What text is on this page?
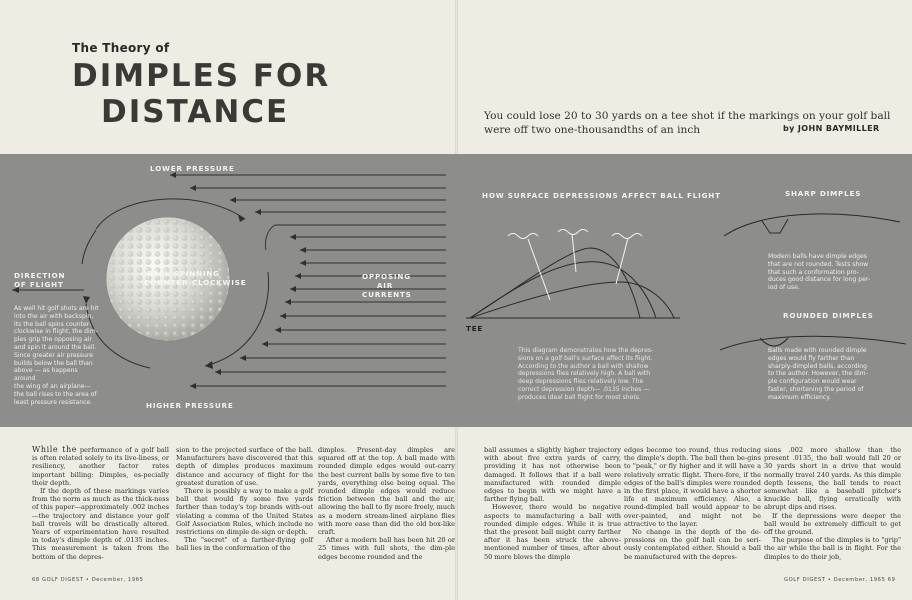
The Theory of
DIMPLES FOR
DISTANCE	You could lose 20 to 30 yards on a tee shot if the markings on your golf ball were off two one-thousandths of an inch	by JOHN BAYMILLER
LOWER PRESSURE
HIGHER PRESSURE
DIRECTION
OF FLIGHT
BALL SPINNING
COUNTER-CLOCKWISE
OPPOSING
AIR
CURRENTS
As well hit golf shots are hit
into the air with backspin,
its the ball spins counter-
clockwise in flight, the dim-
ples grip the opposing air
and spin it around the ball.
Since greater air pressure
builds below the ball than
above — as happens around
the wing of an airplane—
the ball rises to the area of
least pressure resistance.
HOW SURFACE DEPRESSIONS AFFECT BALL FLIGHT
TEE
This diagram demonstrates how the depres-
sions on a golf ball's surface affect its flight.
According to the author a ball with shallow
depressions flies relatively high. A ball with
deep depressions flies relatively low. The
correct depression depth— .0135 inches —
produces ideal ball flight for most shots.
SHARP DIMPLES
Modern balls have dimple edges
that are not rounded. Tests show
that such a conformation pro-
duces good distance for long per-
iod of use.
ROUNDED DIMPLES
Balls made with rounded dimple
edges would fly farther than
sharply-dimpled balls, according
to the author. However, the dim-
ple configuration would wear
faster, shortening the period of
maximum efficiency.

While the performance of a golf ball is often related solely to its live-liness, or resiliency, another factor rates important billing: Dimples, es-pecially their depth.

If the depth of these markings varies from the norm as much as the thick-ness of this paper—approximately .002 inches—the trajectory and distance your golf ball travels will be drastically altered. Years of experimentation have resulted in today's dimple depth of .0135 inches. This measurement is taken from the bottom of the depres-

sion to the projected surface of the ball. Manufacturers have discovered that this depth of dimples produces maximum distance and accuracy of flight for the greatest duration of use.

There is possibly a way to make a golf ball that would fly some five yards farther than today's top brands with-out violating a comma of the United States Golf Association Rules, which include no restrictions on dimple de-sign or depth.

The "secret" of a farther-flying golf ball lies in the conformation of the

dimples. Present-day dimples are squared off at the top. A ball made with rounded dimple edges would out-carry the best current balls by some five to ten yards, everything else being equal. The rounded dimple edges would reduce friction between the ball and the air, allowing the ball to fly more freely, much as a modern stream-lined airplane flies with more ease than did the old box-like craft.

After a modern ball has been hit 20 or 25 times with full shots, the dim-ple edges become rounded and the

ball assumes a slightly higher trajectory with about five extra yards of carry, providing it has not otherwise been damaged. It follows that if a ball were manufactured with rounded dimple edges to begin with we might have a farther flying ball.

However, there would be negative aspects to manufacturing a ball with rounded dimple edges. While it is true that the present ball might carry farther after it has been struck the above-mentioned number of times, after about 50 more blows the dimple

edges become too round, thus reducing the dimple's depth. The ball then be-gins to "peak," or fly higher and it will have a relatively erratic flight. There-fore, if the edges of the ball's dimples were rounded in the first place, it would have a shorter life at maximum efficiency. Also, a round-dimpled ball would appear to be over-painted, and might not be attractive to the layer.

No change in the depth of the de-pressions on the golf ball can be seri-ously contemplated either. Should a ball be manufactured with the depres-

sions .002 more shallow than the present .0135, the ball would fall 20 or 30 yards short in a drive that would normally travel 240 yards. As this dimple depth lessens, the ball tends to react somewhat like a baseball pitcher's knuckle ball, flying erratically with abrupt dips and rises.

If the depressions were deeper the ball would be extremely difficult to get off the ground.

The purpose of the dimples is to "grip" the air while the ball is in flight. For the dimples to do their job,

68 GOLF DIGEST • December, 1965	GOLF DIGEST • December, 1965 69
